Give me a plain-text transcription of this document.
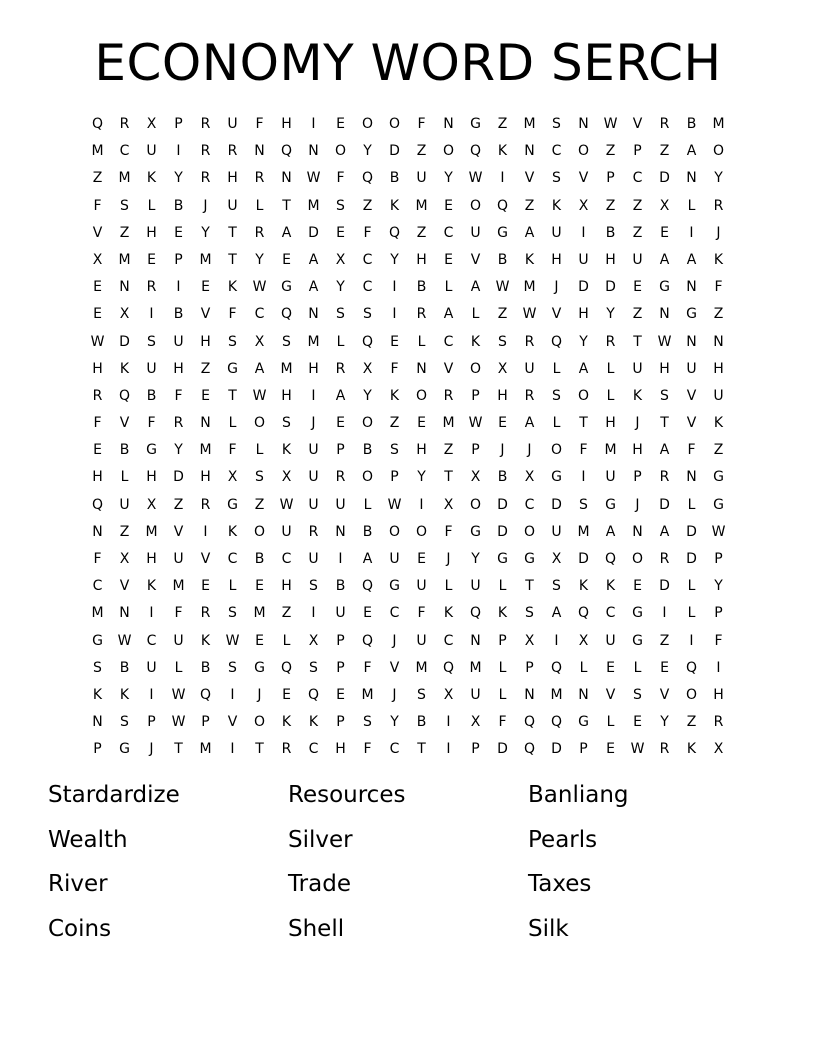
ECONOMY WORD SERCH
Q	R	X	P	R	U	F	H	I	E	O	O	F	N	G	Z	M	S	N	W	V	R	B	M
M	C	U	I	R	R	N	Q	N	O	Y	D	Z	O	Q	K	N	C	O	Z	P	Z	A	O
Z	M	K	Y	R	H	R	N	W	F	Q	B	U	Y	W	I	V	S	V	P	C	D	N	Y
F	S	L	B	J	U	L	T	M	S	Z	K	M	E	O	Q	Z	K	X	Z	Z	X	L	R
V	Z	H	E	Y	T	R	A	D	E	F	Q	Z	C	U	G	A	U	I	B	Z	E	I	J
X	M	E	P	M	T	Y	E	A	X	C	Y	H	E	V	B	K	H	U	H	U	A	A	K
E	N	R	I	E	K	W	G	A	Y	C	I	B	L	A	W	M	J	D	D	E	G	N	F
E	X	I	B	V	F	C	Q	N	S	S	I	R	A	L	Z	W	V	H	Y	Z	N	G	Z
W	D	S	U	H	S	X	S	M	L	Q	E	L	C	K	S	R	Q	Y	R	T	W	N	N
H	K	U	H	Z	G	A	M	H	R	X	F	N	V	O	X	U	L	A	L	U	H	U	H
R	Q	B	F	E	T	W	H	I	A	Y	K	O	R	P	H	R	S	O	L	K	S	V	U
F	V	F	R	N	L	O	S	J	E	O	Z	E	M	W	E	A	L	T	H	J	T	V	K
E	B	G	Y	M	F	L	K	U	P	B	S	H	Z	P	J	J	O	F	M	H	A	F	Z
H	L	H	D	H	X	S	X	U	R	O	P	Y	T	X	B	X	G	I	U	P	R	N	G
Q	U	X	Z	R	G	Z	W	U	U	L	W	I	X	O	D	C	D	S	G	J	D	L	G
N	Z	M	V	I	K	O	U	R	N	B	O	O	F	G	D	O	U	M	A	N	A	D	W
F	X	H	U	V	C	B	C	U	I	A	U	E	J	Y	G	G	X	D	Q	O	R	D	P
C	V	K	M	E	L	E	H	S	B	Q	G	U	L	U	L	T	S	K	K	E	D	L	Y
M	N	I	F	R	S	M	Z	I	U	E	C	F	K	Q	K	S	A	Q	C	G	I	L	P
G	W	C	U	K	W	E	L	X	P	Q	J	U	C	N	P	X	I	X	U	G	Z	I	F
S	B	U	L	B	S	G	Q	S	P	F	V	M	Q	M	L	P	Q	L	E	L	E	Q	I
K	K	I	W	Q	I	J	E	Q	E	M	J	S	X	U	L	N	M	N	V	S	V	O	H
N	S	P	W	P	V	O	K	K	P	S	Y	B	I	X	F	Q	Q	G	L	E	Y	Z	R
P	G	J	T	M	I	T	R	C	H	F	C	T	I	P	D	Q	D	P	E	W	R	K	X
Stardardize	Resources	Banliang
Wealth	Silver	Pearls
River	Trade	Taxes
Coins	Shell	Silk
